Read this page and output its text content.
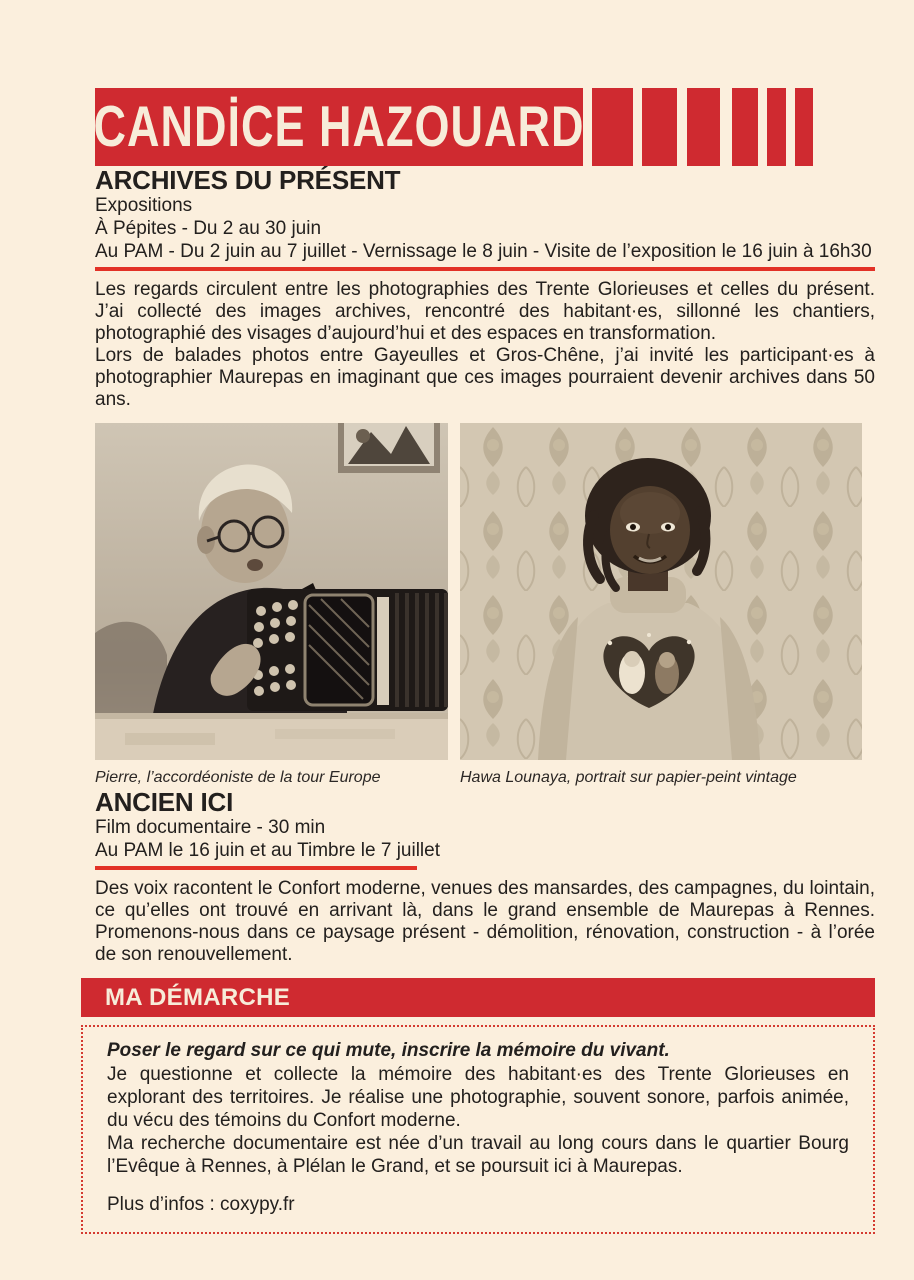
CANDİCE HAZOUARD
ARCHIVES DU PRÉSENT
Expositions
À Pépites - Du 2 au 30 juin
Au PAM - Du 2 juin au 7 juillet - Vernissage le 8 juin - Visite de l’exposition le 16 juin à 16h30

Les regards circulent entre les photographies des Trente Glorieuses et celles du présent. J’ai collecté des images archives, rencontré des habitant·es, sillonné les chantiers, photographié des visages d’aujourd’hui et des espaces en transformation.

Lors de balades photos entre Gayeulles et Gros-Chêne, j’ai invité les participant·es à photographier Maurepas en imaginant que ces images pourraient devenir archives dans 50 ans.

Pierre, l’accordéoniste de la tour Europe	Hawa Lounaya, portrait sur papier-peint vintage
ANCIEN ICI
Film documentaire - 30 min
Au PAM le 16 juin et au Timbre le 7 juillet

Des voix racontent le Confort moderne, venues des mansardes, des campagnes, du lointain, ce qu’elles ont trouvé en arrivant là, dans le grand ensemble de Maurepas à Rennes. Promenons-nous dans ce paysage présent - démolition, rénovation, construction - à l’orée de son renouvellement.

MA DÉMARCHE

Poser le regard sur ce qui mute, inscrire la mémoire du vivant.

Je questionne et collecte la mémoire des habitant·es des Trente Glorieuses en explorant des territoires. Je réalise une photographie, souvent sonore, parfois animée, du vécu des témoins du Confort moderne.

Ma recherche documentaire est née d’un travail au long cours dans le quartier Bourg l’Evêque à Rennes, à Plélan le Grand, et se poursuit ici à Maurepas.

Plus d’infos : coxypy.fr
